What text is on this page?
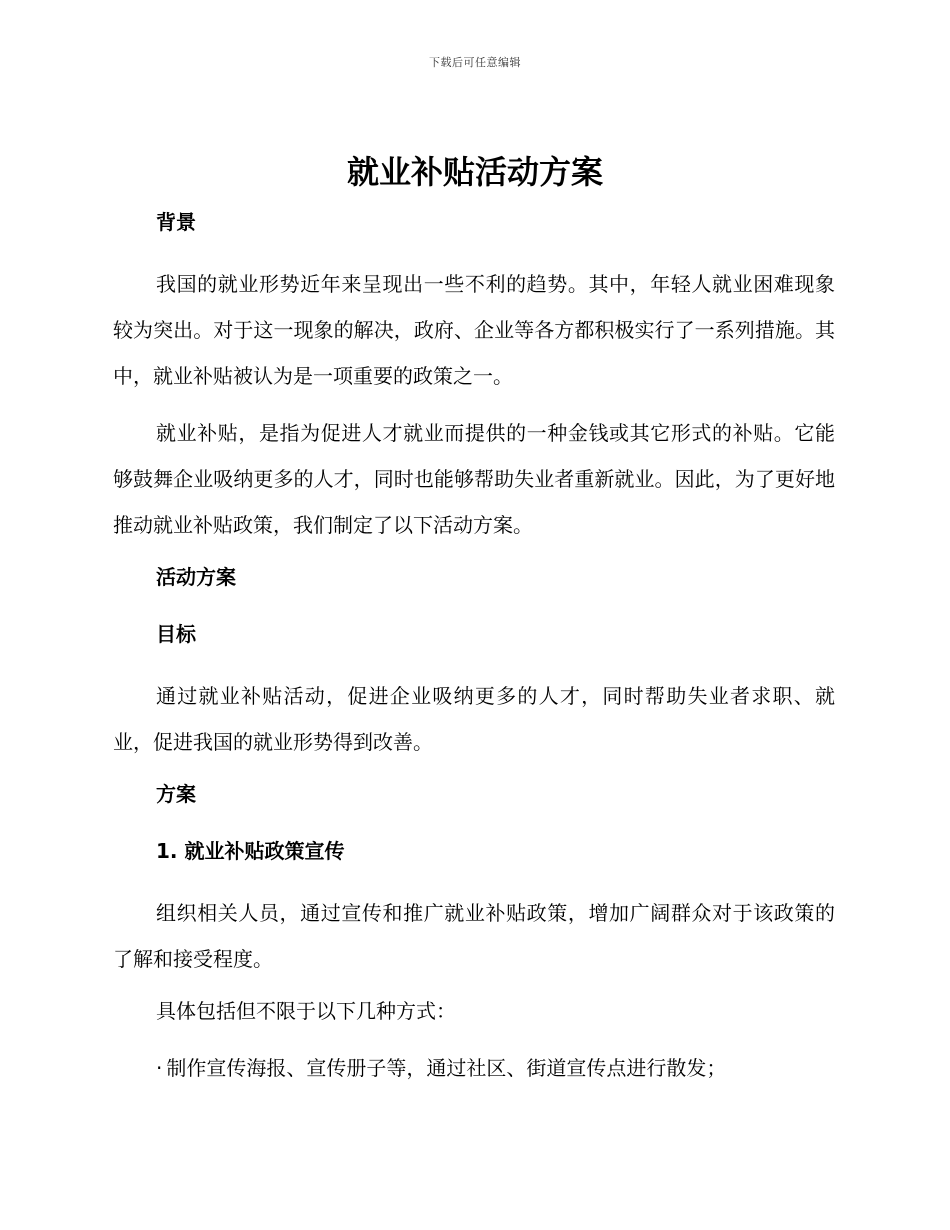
下载后可任意编辑
就业补贴活动方案
背景

我国的就业形势近年来呈现出一些不利的趋势。其中，年轻人就业困难现象较为突出。对于这一现象的解决，政府、企业等各方都积极实行了一系列措施。其中，就业补贴被认为是一项重要的政策之一。

就业补贴，是指为促进人才就业而提供的一种金钱或其它形式的补贴。它能够鼓舞企业吸纳更多的人才，同时也能够帮助失业者重新就业。因此，为了更好地推动就业补贴政策，我们制定了以下活动方案。

活动方案
目标

通过就业补贴活动，促进企业吸纳更多的人才，同时帮助失业者求职、就业，促进我国的就业形势得到改善。

方案
1. 就业补贴政策宣传

组织相关人员，通过宣传和推广就业补贴政策，增加广阔群众对于该政策的了解和接受程度。

具体包括但不限于以下几种方式：

· 制作宣传海报、宣传册子等，通过社区、街道宣传点进行散发；
